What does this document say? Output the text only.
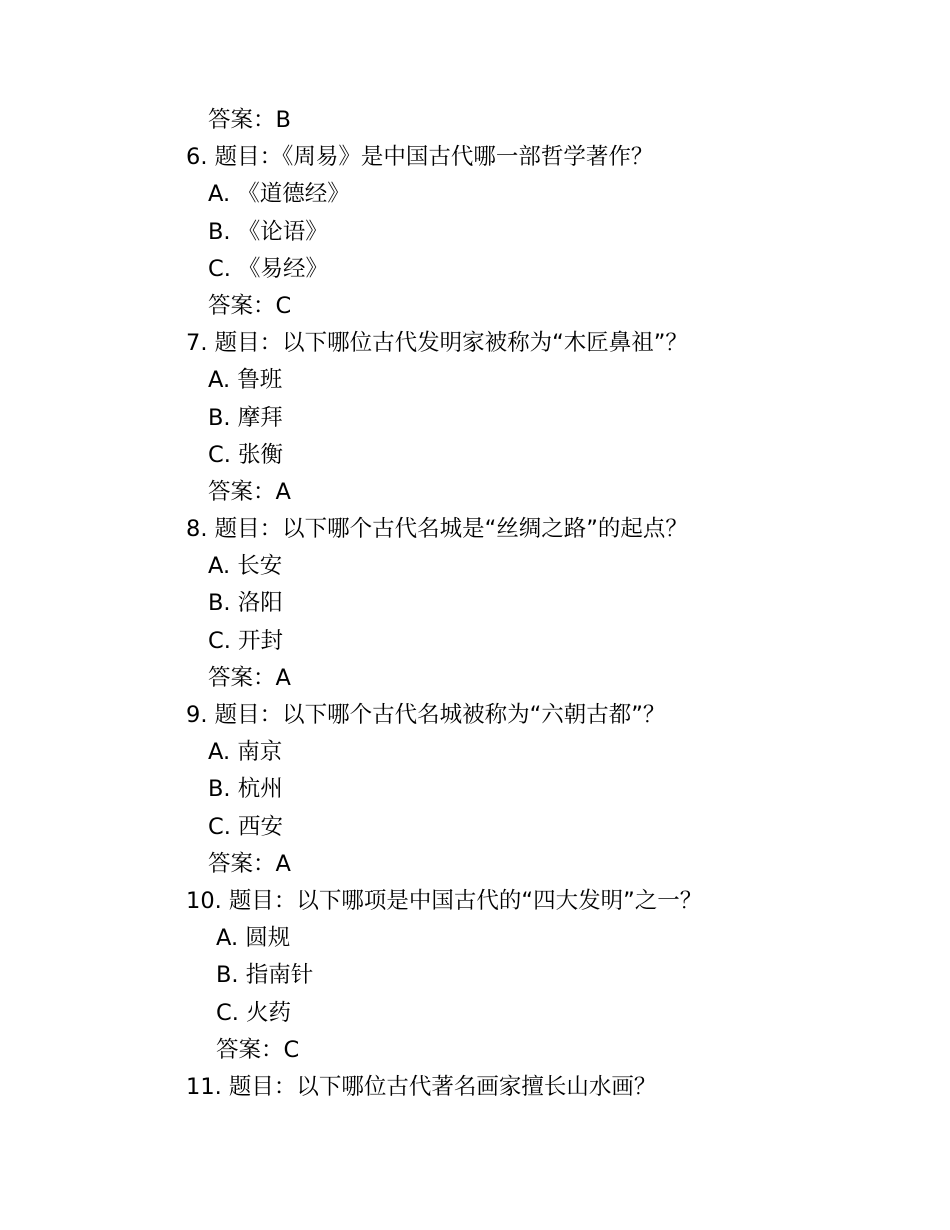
答案：B
6. 题目：《周易》是中国古代哪一部哲学著作？
A. 《道德经》
B. 《论语》
C. 《易经》
答案：C
7. 题目：以下哪位古代发明家被称为“木匠鼻祖”？
A. 鲁班
B. 摩拜
C. 张衡
答案：A
8. 题目：以下哪个古代名城是“丝绸之路”的起点？
A. 长安
B. 洛阳
C. 开封
答案：A
9. 题目：以下哪个古代名城被称为“六朝古都”？
A. 南京
B. 杭州
C. 西安
答案：A
10. 题目：以下哪项是中国古代的“四大发明”之一？
A. 圆规
B. 指南针
C. 火药
答案：C
11. 题目：以下哪位古代著名画家擅长山水画？
